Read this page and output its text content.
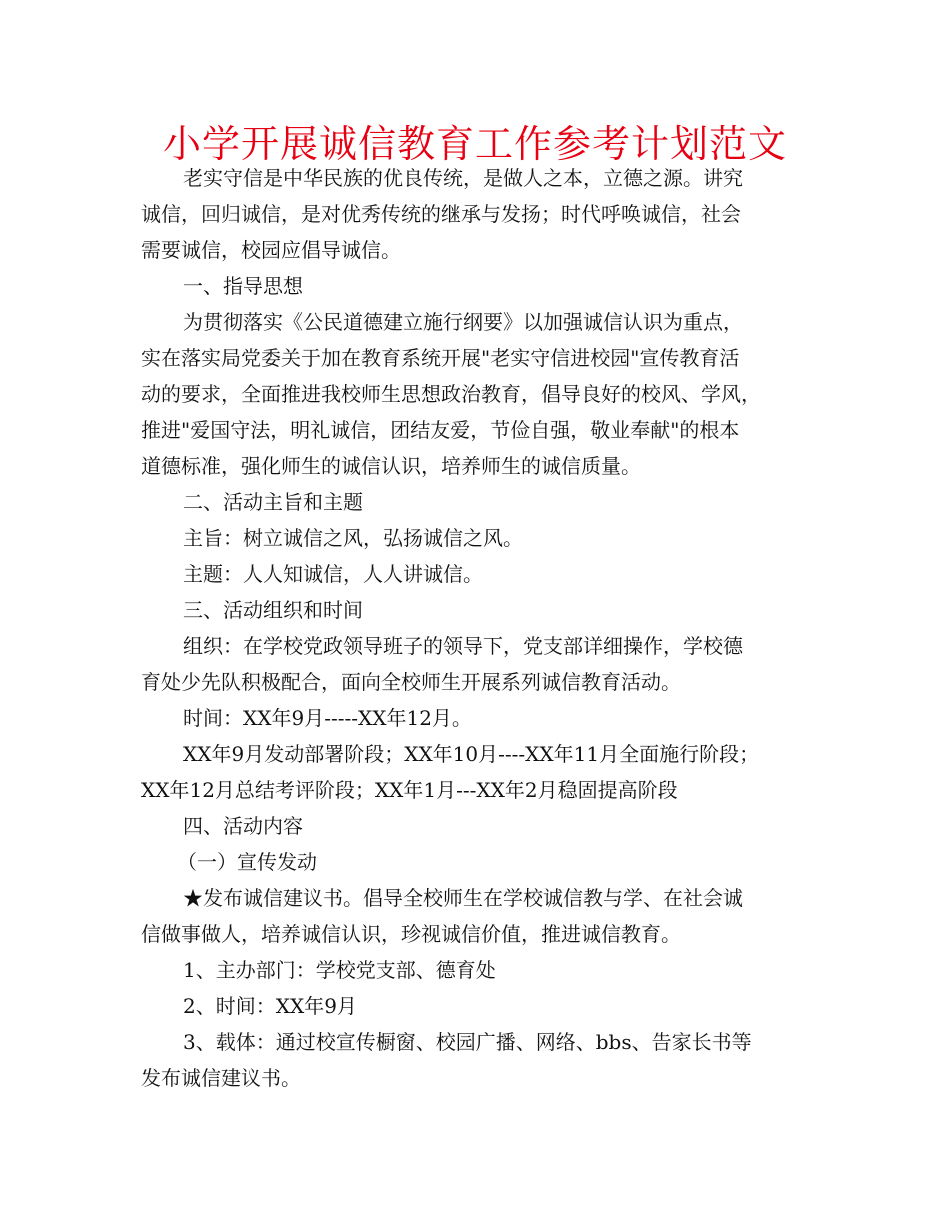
小学开展诚信教育工作参考计划范文

老实守信是中华民族的优良传统，是做人之本，立德之源。讲究

诚信，回归诚信，是对优秀传统的继承与发扬；时代呼唤诚信，社会

需要诚信，校园应倡导诚信。

一、指导思想

为贯彻落实《公民道德建立施行纲要》以加强诚信认识为重点，

实在落实局党委关于加在教育系统开展"老实守信进校园"宣传教育活

动的要求，全面推进我校师生思想政治教育，倡导良好的校风、学风，

推进"爱国守法，明礼诚信，团结友爱，节俭自强，敬业奉献"的根本

道德标准，强化师生的诚信认识，培养师生的诚信质量。

二、活动主旨和主题

主旨：树立诚信之风，弘扬诚信之风。

主题：人人知诚信，人人讲诚信。

三、活动组织和时间

组织：在学校党政领导班子的领导下，党支部详细操作，学校德

育处少先队积极配合，面向全校师生开展系列诚信教育活动。

时间：XX年9月-----XX年12月。

XX年9月发动部署阶段；XX年10月----XX年11月全面施行阶段；

XX年12月总结考评阶段；XX年1月---XX年2月稳固提高阶段

四、活动内容

（一）宣传发动

★发布诚信建议书。倡导全校师生在学校诚信教与学、在社会诚

信做事做人，培养诚信认识，珍视诚信价值，推进诚信教育。

1、主办部门：学校党支部、德育处

2、时间：XX年9月

3、载体：通过校宣传橱窗、校园广播、网络、bbs、告家长书等

发布诚信建议书。
